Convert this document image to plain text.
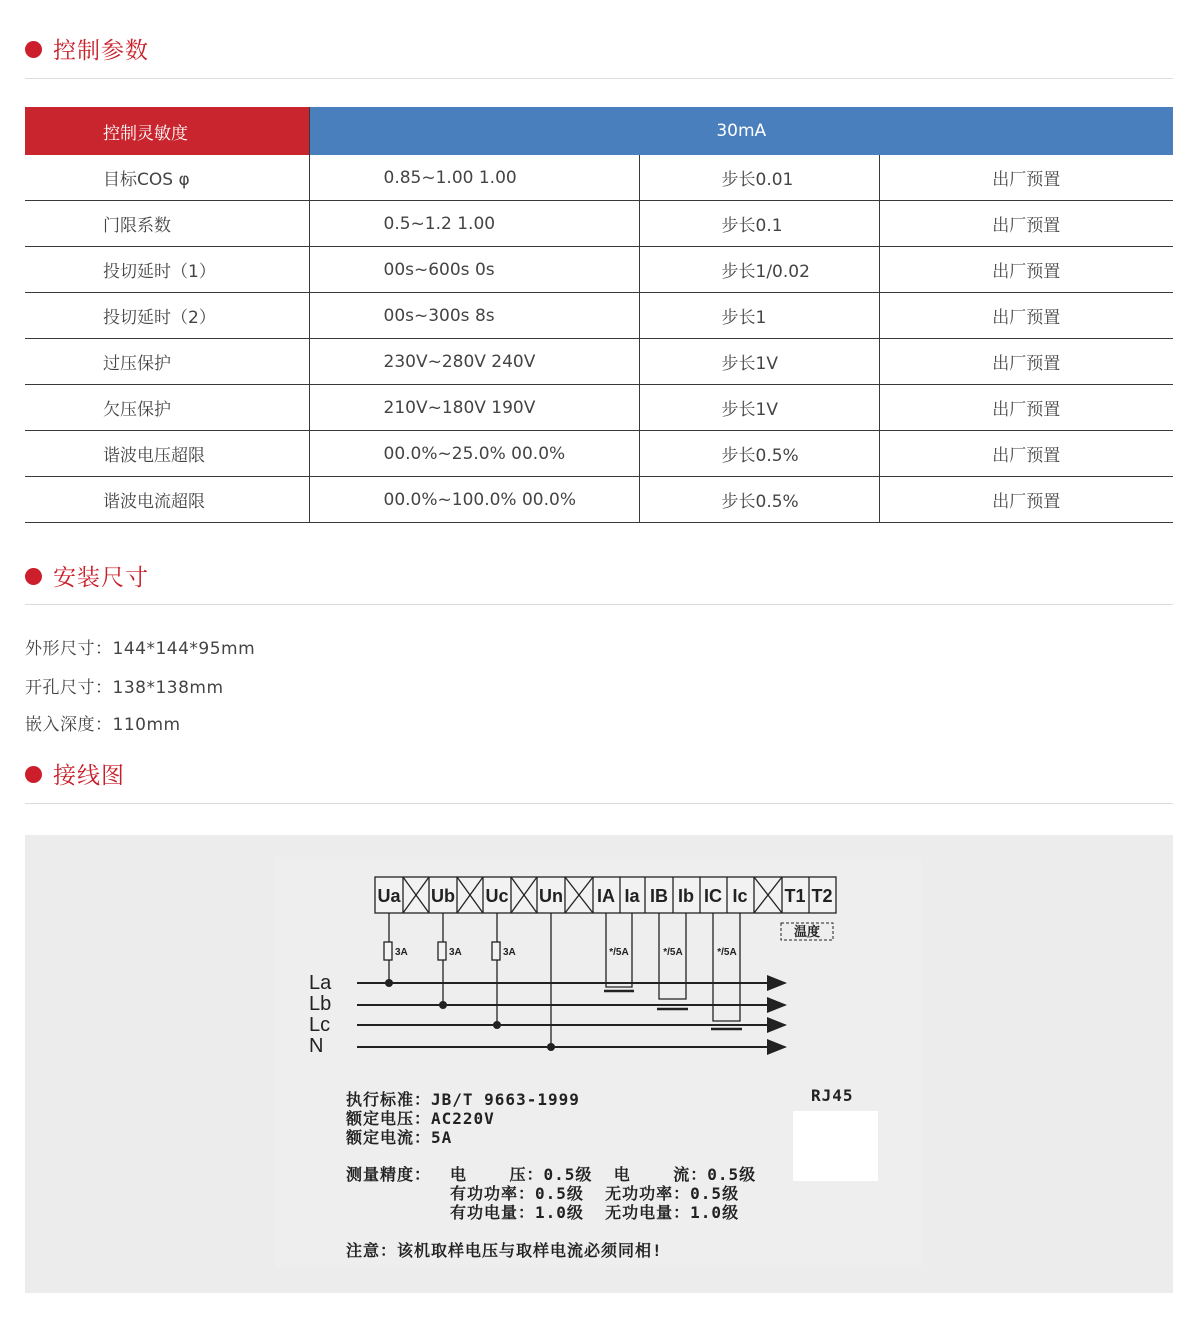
控制参数
控制灵敏度	30mA		
目标COS φ	0.85~1.00 1.00	步长0.01	出厂预置
门限系数	0.5~1.2 1.00	步长0.1	出厂预置
投切延时（1）	00s~600s 0s	步长1/0.02	出厂预置
投切延时（2）	00s~300s 8s	步长1	出厂预置
过压保护	230V~280V 240V	步长1V	出厂预置
欠压保护	210V~180V 190V	步长1V	出厂预置
谐波电压超限	00.0%~25.0% 00.0%	步长0.5%	出厂预置
谐波电流超限	00.0%~100.0% 00.0%	步长0.5%	出厂预置
安装尺寸
外形尺寸：144*144*95mm
开孔尺寸：138*138mm
嵌入深度：110mm
接线图
Ua Ub Uc Un IA Ia IB Ib IC Ic T1 T2
温度
3A	3A	3A	*/5A	*/5A	*/5A
La
Lb
Lc
N
执行标准：JB/T 9663-1999
额定电压：AC220V
额定电流：5A
测量精度： 电    压：0.5级  电    流：0.5级
有功功率：0.5级  无功功率：0.5级
有功电量：1.0级  无功电量：1.0级
注意：该机取样电压与取样电流必须同相!
RJ45
